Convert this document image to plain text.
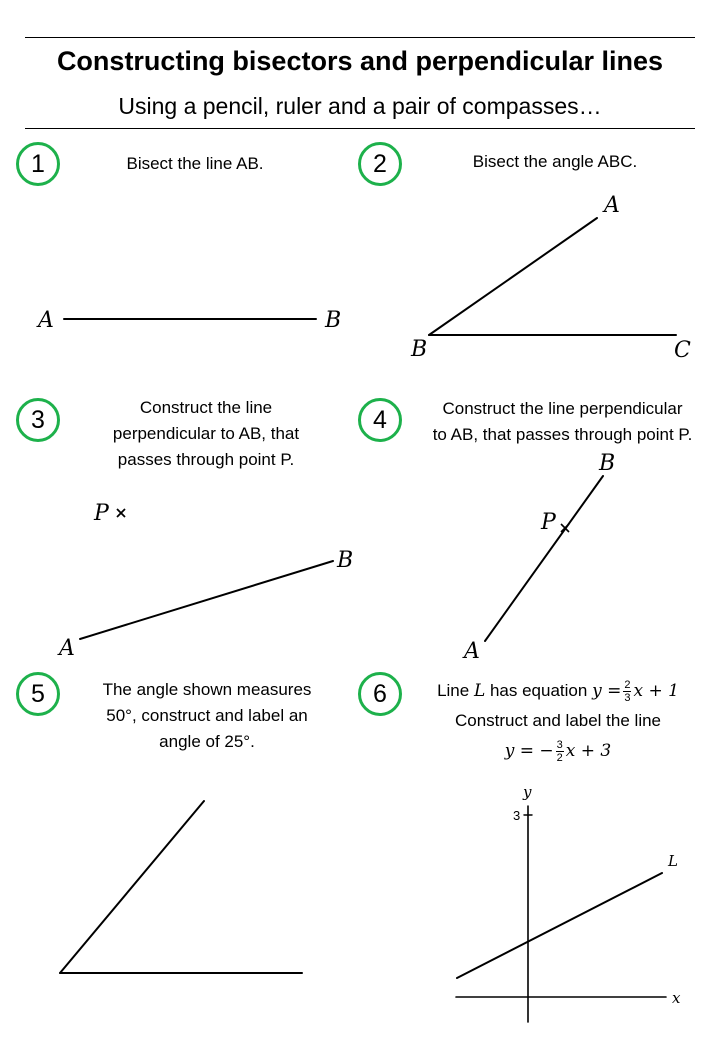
Constructing bisectors and perpendicular lines
Using a pencil, ruler and a pair of compasses…
1	2
3	4
5	6
Bisect the line AB.	Bisect the angle ABC.
Construct the line
perpendicular to AB, that
passes through point P.
Construct the line perpendicular
to AB, that passes through point P.
The angle shown measures
50°, construct and label an
angle of 25°.
Line L has equation $y = \frac{2}{3}$ x + 1
Construct and label the line
y = − $\frac{3}{2}$ x + 3
A	B
A
B	C
P
A
B
P
A
B
y
x
3
L
